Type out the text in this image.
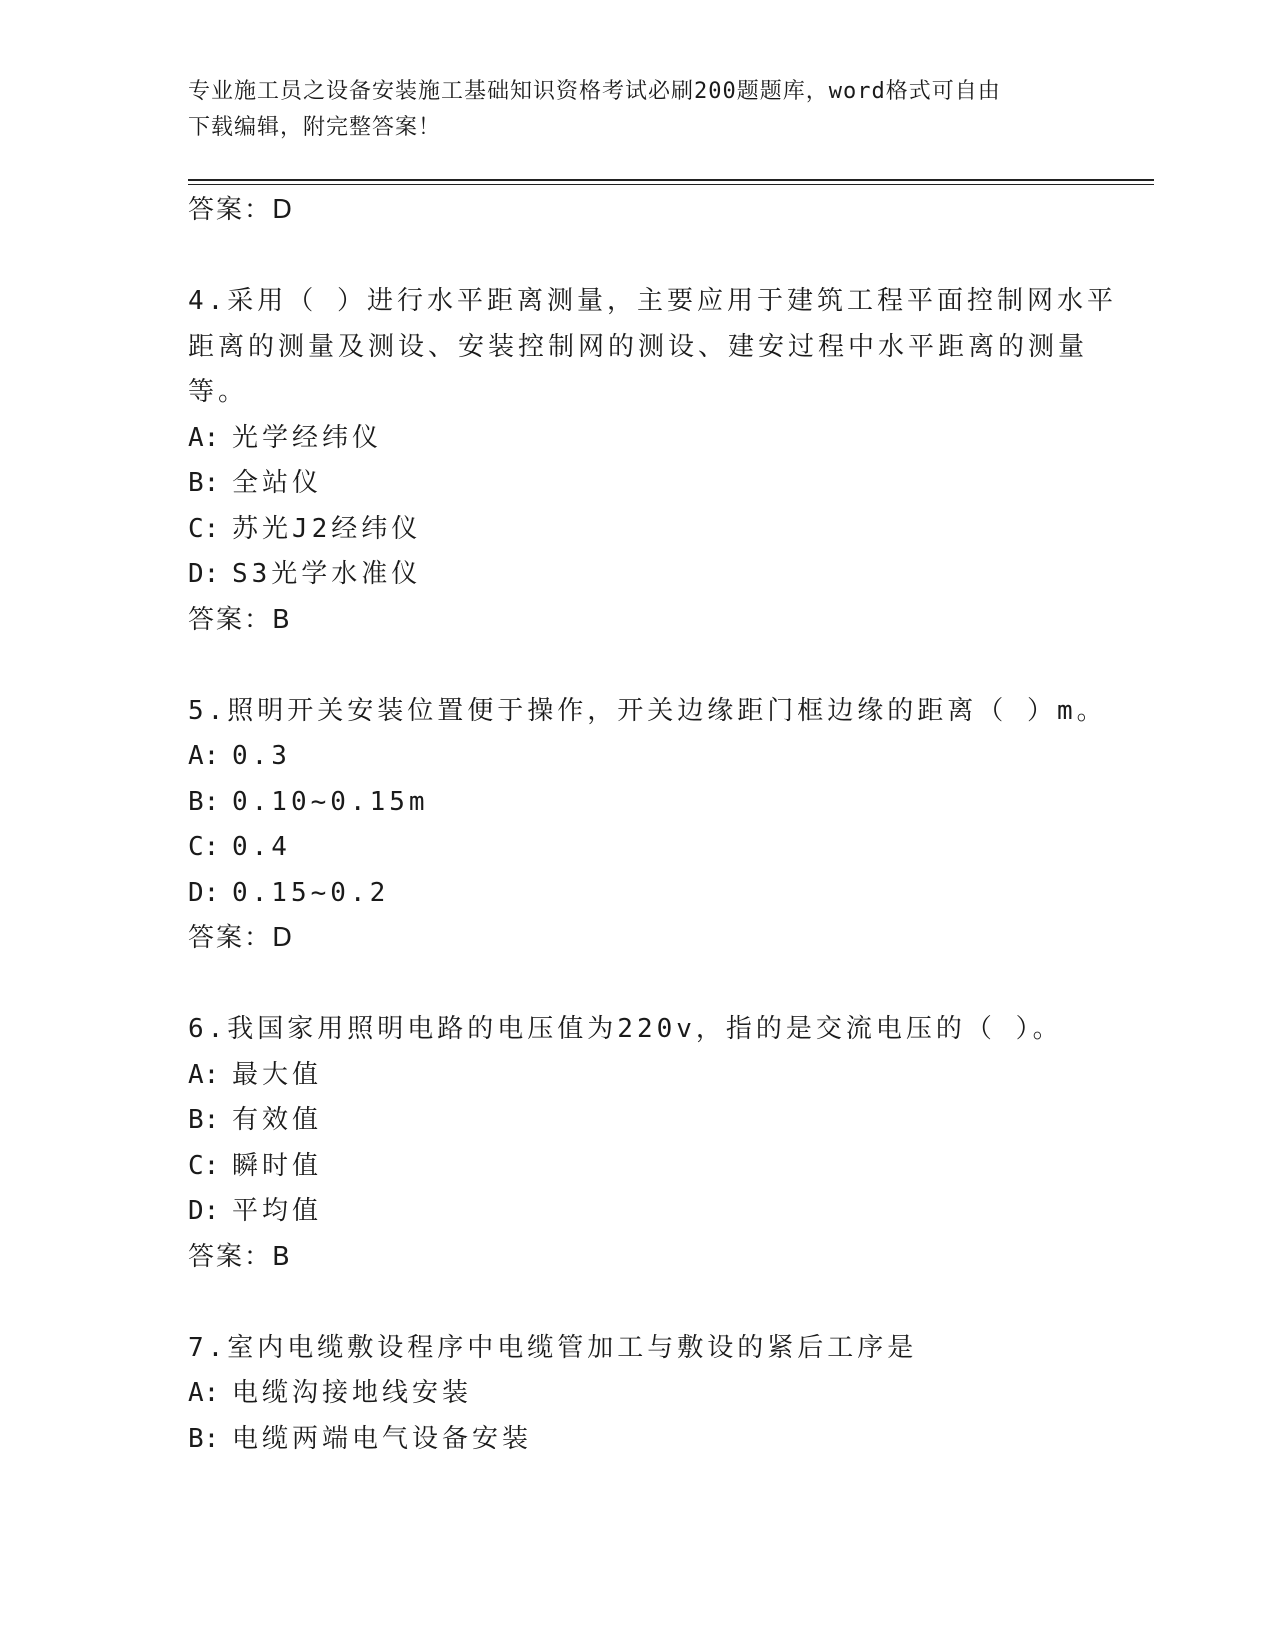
专业施工员之设备安装施工基础知识资格考试必刷200题题库，word格式可自由
下载编辑，附完整答案！
答案：D
4.采用（ ）进行水平距离测量，主要应用于建筑工程平面控制网水平
距离的测量及测设、安装控制网的测设、建安过程中水平距离的测量
等。
A: 光学经纬仪
B: 全站仪
C: 苏光J2经纬仪
D: S3光学水准仪
答案：B
5.照明开关安装位置便于操作，开关边缘距门框边缘的距离（ ）m。
A: 0.3
B: 0.10~0.15m
C: 0.4
D: 0.15~0.2
答案：D
6.我国家用照明电路的电压值为220v，指的是交流电压的（ ）。
A: 最大值
B: 有效值
C: 瞬时值
D: 平均值
答案：B
7.室内电缆敷设程序中电缆管加工与敷设的紧后工序是
A: 电缆沟接地线安装
B: 电缆两端电气设备安装
